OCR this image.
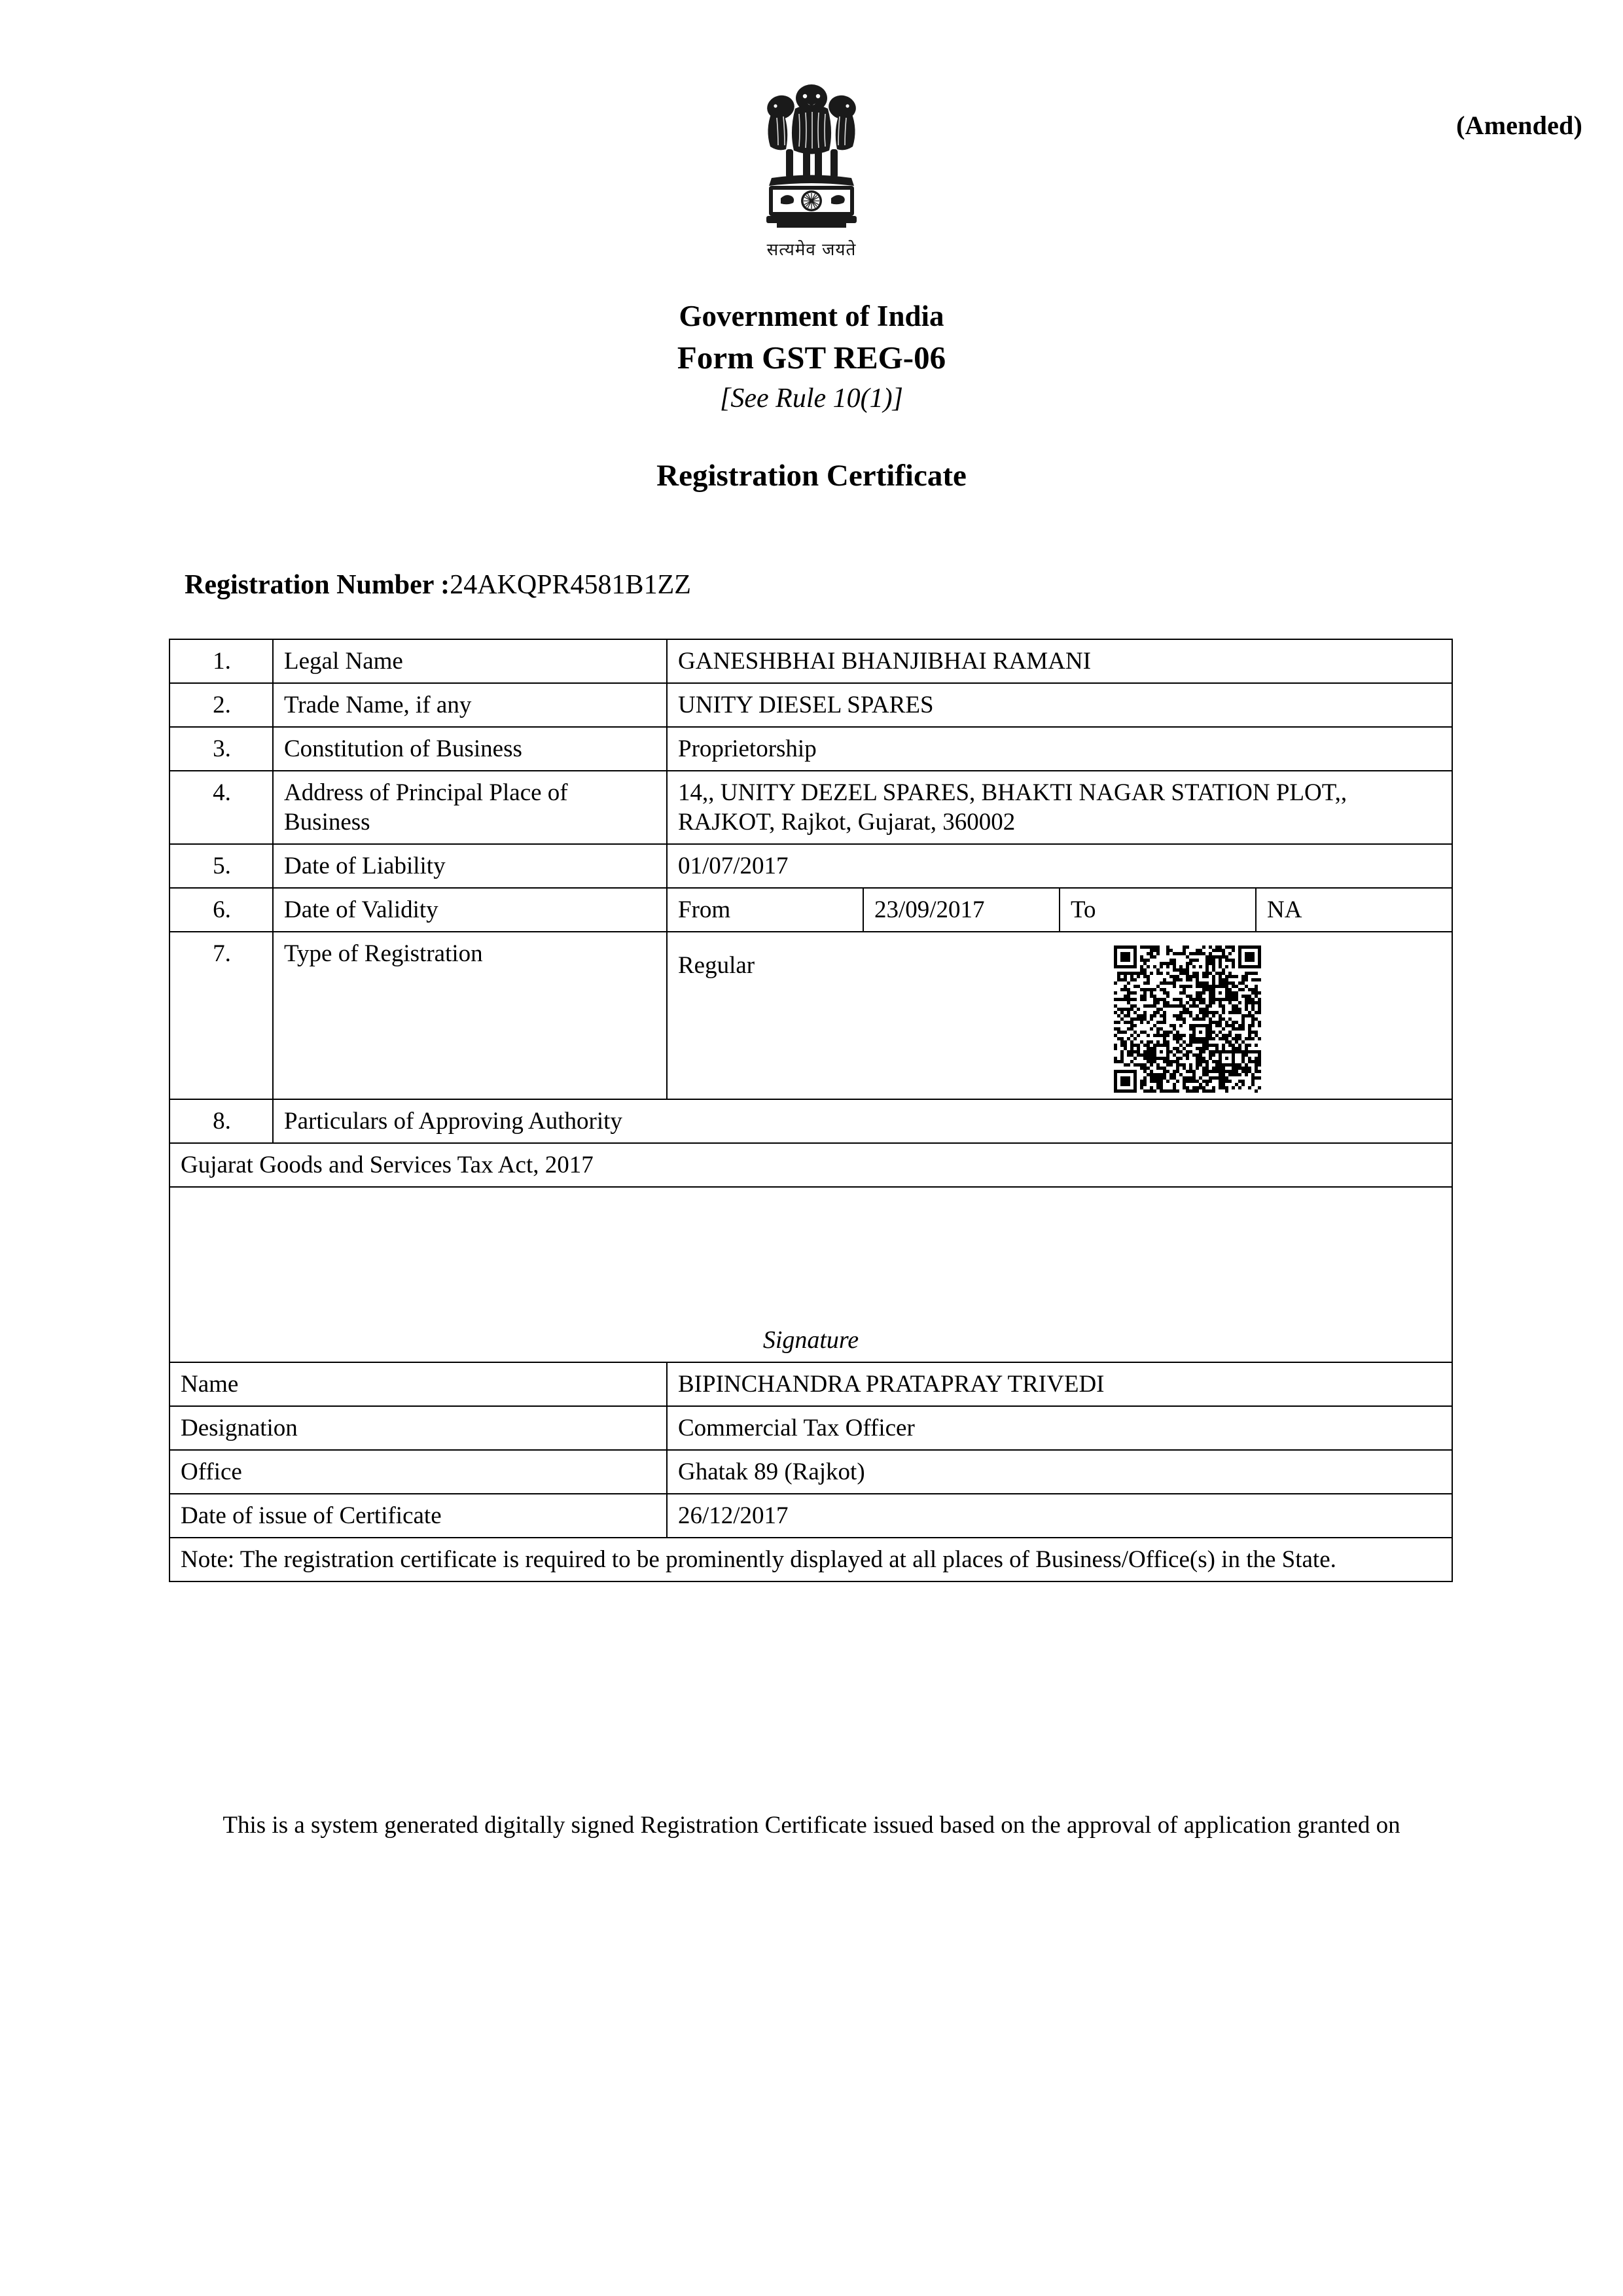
(Amended)
सत्यमेव जयते
Government of India
Form GST REG-06
[See Rule 10(1)]
Registration Certificate
Registration Number :24AKQPR4581B1ZZ
1.	Legal Name	GANESHBHAI BHANJIBHAI RAMANI			
2.	Trade Name, if any	UNITY DIESEL SPARES			
3.	Constitution of Business	Proprietorship			
4.	Address of Principal Place of Business	14,, UNITY DEZEL SPARES, BHAKTI NAGAR STATION PLOT,, RAJKOT, Rajkot, Gujarat, 360002			
5.	Date of Liability	01/07/2017			
6.	Date of Validity	From	23/09/2017	To	NA
7.	Type of Registration	Regular			

8.	Particulars of Approving Authority				
Gujarat Goods and Services Tax Act, 2017					

Signature					

Name		BIPINCHANDRA PRATAPRAY TRIVEDI			
Designation		Commercial Tax Officer			
Office		Ghatak 89 (Rajkot)			
Date of issue of Certificate		26/12/2017			
Note: The registration certificate is required to be prominently displayed at all places of Business/Office(s) in the State.					
This is a system generated digitally signed Registration Certificate issued based on the approval of application granted on
